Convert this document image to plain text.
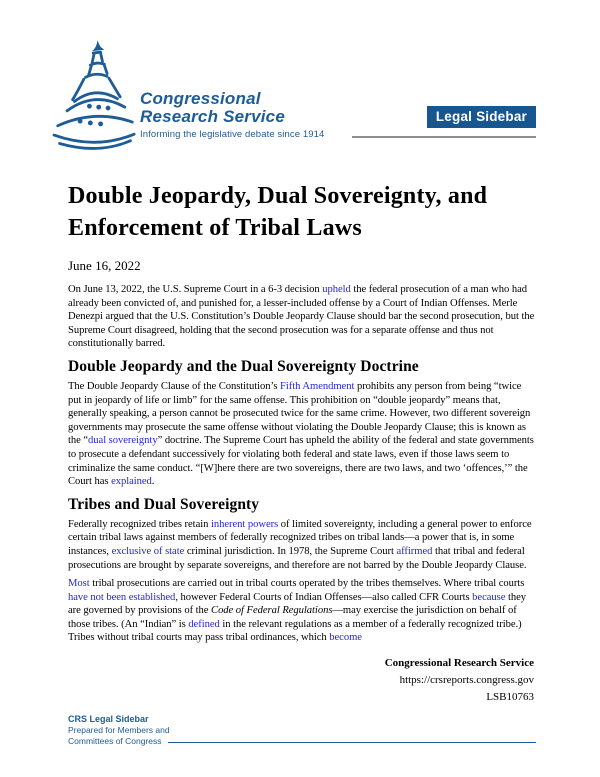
Congressional
Research Service
Informing the legislative debate since 1914
Legal Sidebar
Double Jeopardy, Dual Sovereignty, and Enforcement of Tribal Laws
June 16, 2022

On June 13, 2022, the U.S. Supreme Court in a 6-3 decision upheld the federal prosecution of a man who had already been convicted of, and punished for, a lesser-included offense by a Court of Indian Offenses. Merle Denezpi argued that the U.S. Constitution’s Double Jeopardy Clause should bar the second prosecution, but the Supreme Court disagreed, holding that the second prosecution was for a separate offense and thus not constitutionally barred.

Double Jeopardy and the Dual Sovereignty Doctrine

The Double Jeopardy Clause of the Constitution’s Fifth Amendment prohibits any person from being “twice put in jeopardy of life or limb” for the same offense. This prohibition on “double jeopardy” means that, generally speaking, a person cannot be prosecuted twice for the same crime. However, two different sovereign governments may prosecute the same offense without violating the Double Jeopardy Clause; this is known as the “dual sovereignty” doctrine. The Supreme Court has upheld the ability of the federal and state governments to prosecute a defendant successively for violating both federal and state laws, even if those laws seem to criminalize the same conduct. “[W]here there are two sovereigns, there are two laws, and two ‘offences,’” the Court has explained.

Tribes and Dual Sovereignty

Federally recognized tribes retain inherent powers of limited sovereignty, including a general power to enforce certain tribal laws against members of federally recognized tribes on tribal lands—a power that is, in some instances, exclusive of state criminal jurisdiction. In 1978, the Supreme Court affirmed that tribal and federal prosecutions are brought by separate sovereigns, and therefore are not barred by the Double Jeopardy Clause.

Most tribal prosecutions are carried out in tribal courts operated by the tribes themselves. Where tribal courts have not been established, however Federal Courts of Indian Offenses—also called CFR Courts because they are governed by provisions of the Code of Federal Regulations—may exercise the jurisdiction on behalf of those tribes. (An “Indian” is defined in the relevant regulations as a member of a federally recognized tribe.) Tribes without tribal courts may pass tribal ordinances, which become

Congressional Research Service
https://crsreports.congress.gov
LSB10763
CRS Legal Sidebar
Prepared for Members and
Committees of Congress
